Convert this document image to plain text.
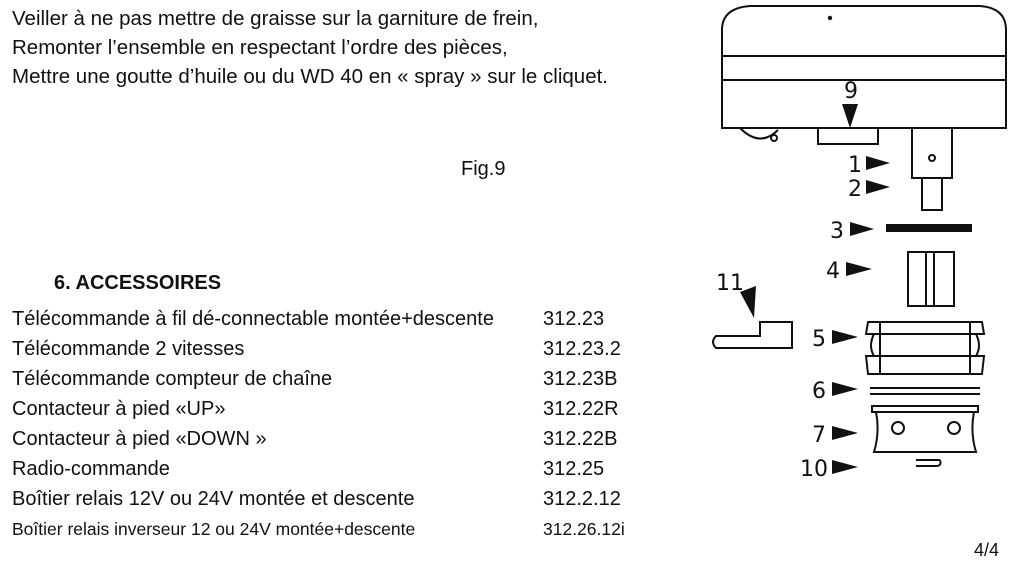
Veiller à ne pas mettre de graisse sur la garniture de frein,
Remonter l’ensemble en respectant l’ordre des pièces,
Mettre une goutte d’huile ou du WD 40 en « spray » sur le cliquet.
Fig.9
6. ACCESSOIRES
Télécommande à fil dé-connectable montée+descente 312.23
Télécommande 2 vitesses	312.23.2
Télécommande compteur de chaîne	312.23B
Contacteur à pied «UP»	312.22R
Contacteur à pied «DOWN »	312.22B
Radio-commande	312.25
Boîtier relais 12V ou 24V montée et descente	312.2.12
Boîtier relais inverseur 12 ou 24V montée+descente	312.26.12i
4/4
9
1
2
3
4
11
5
6
7
10
